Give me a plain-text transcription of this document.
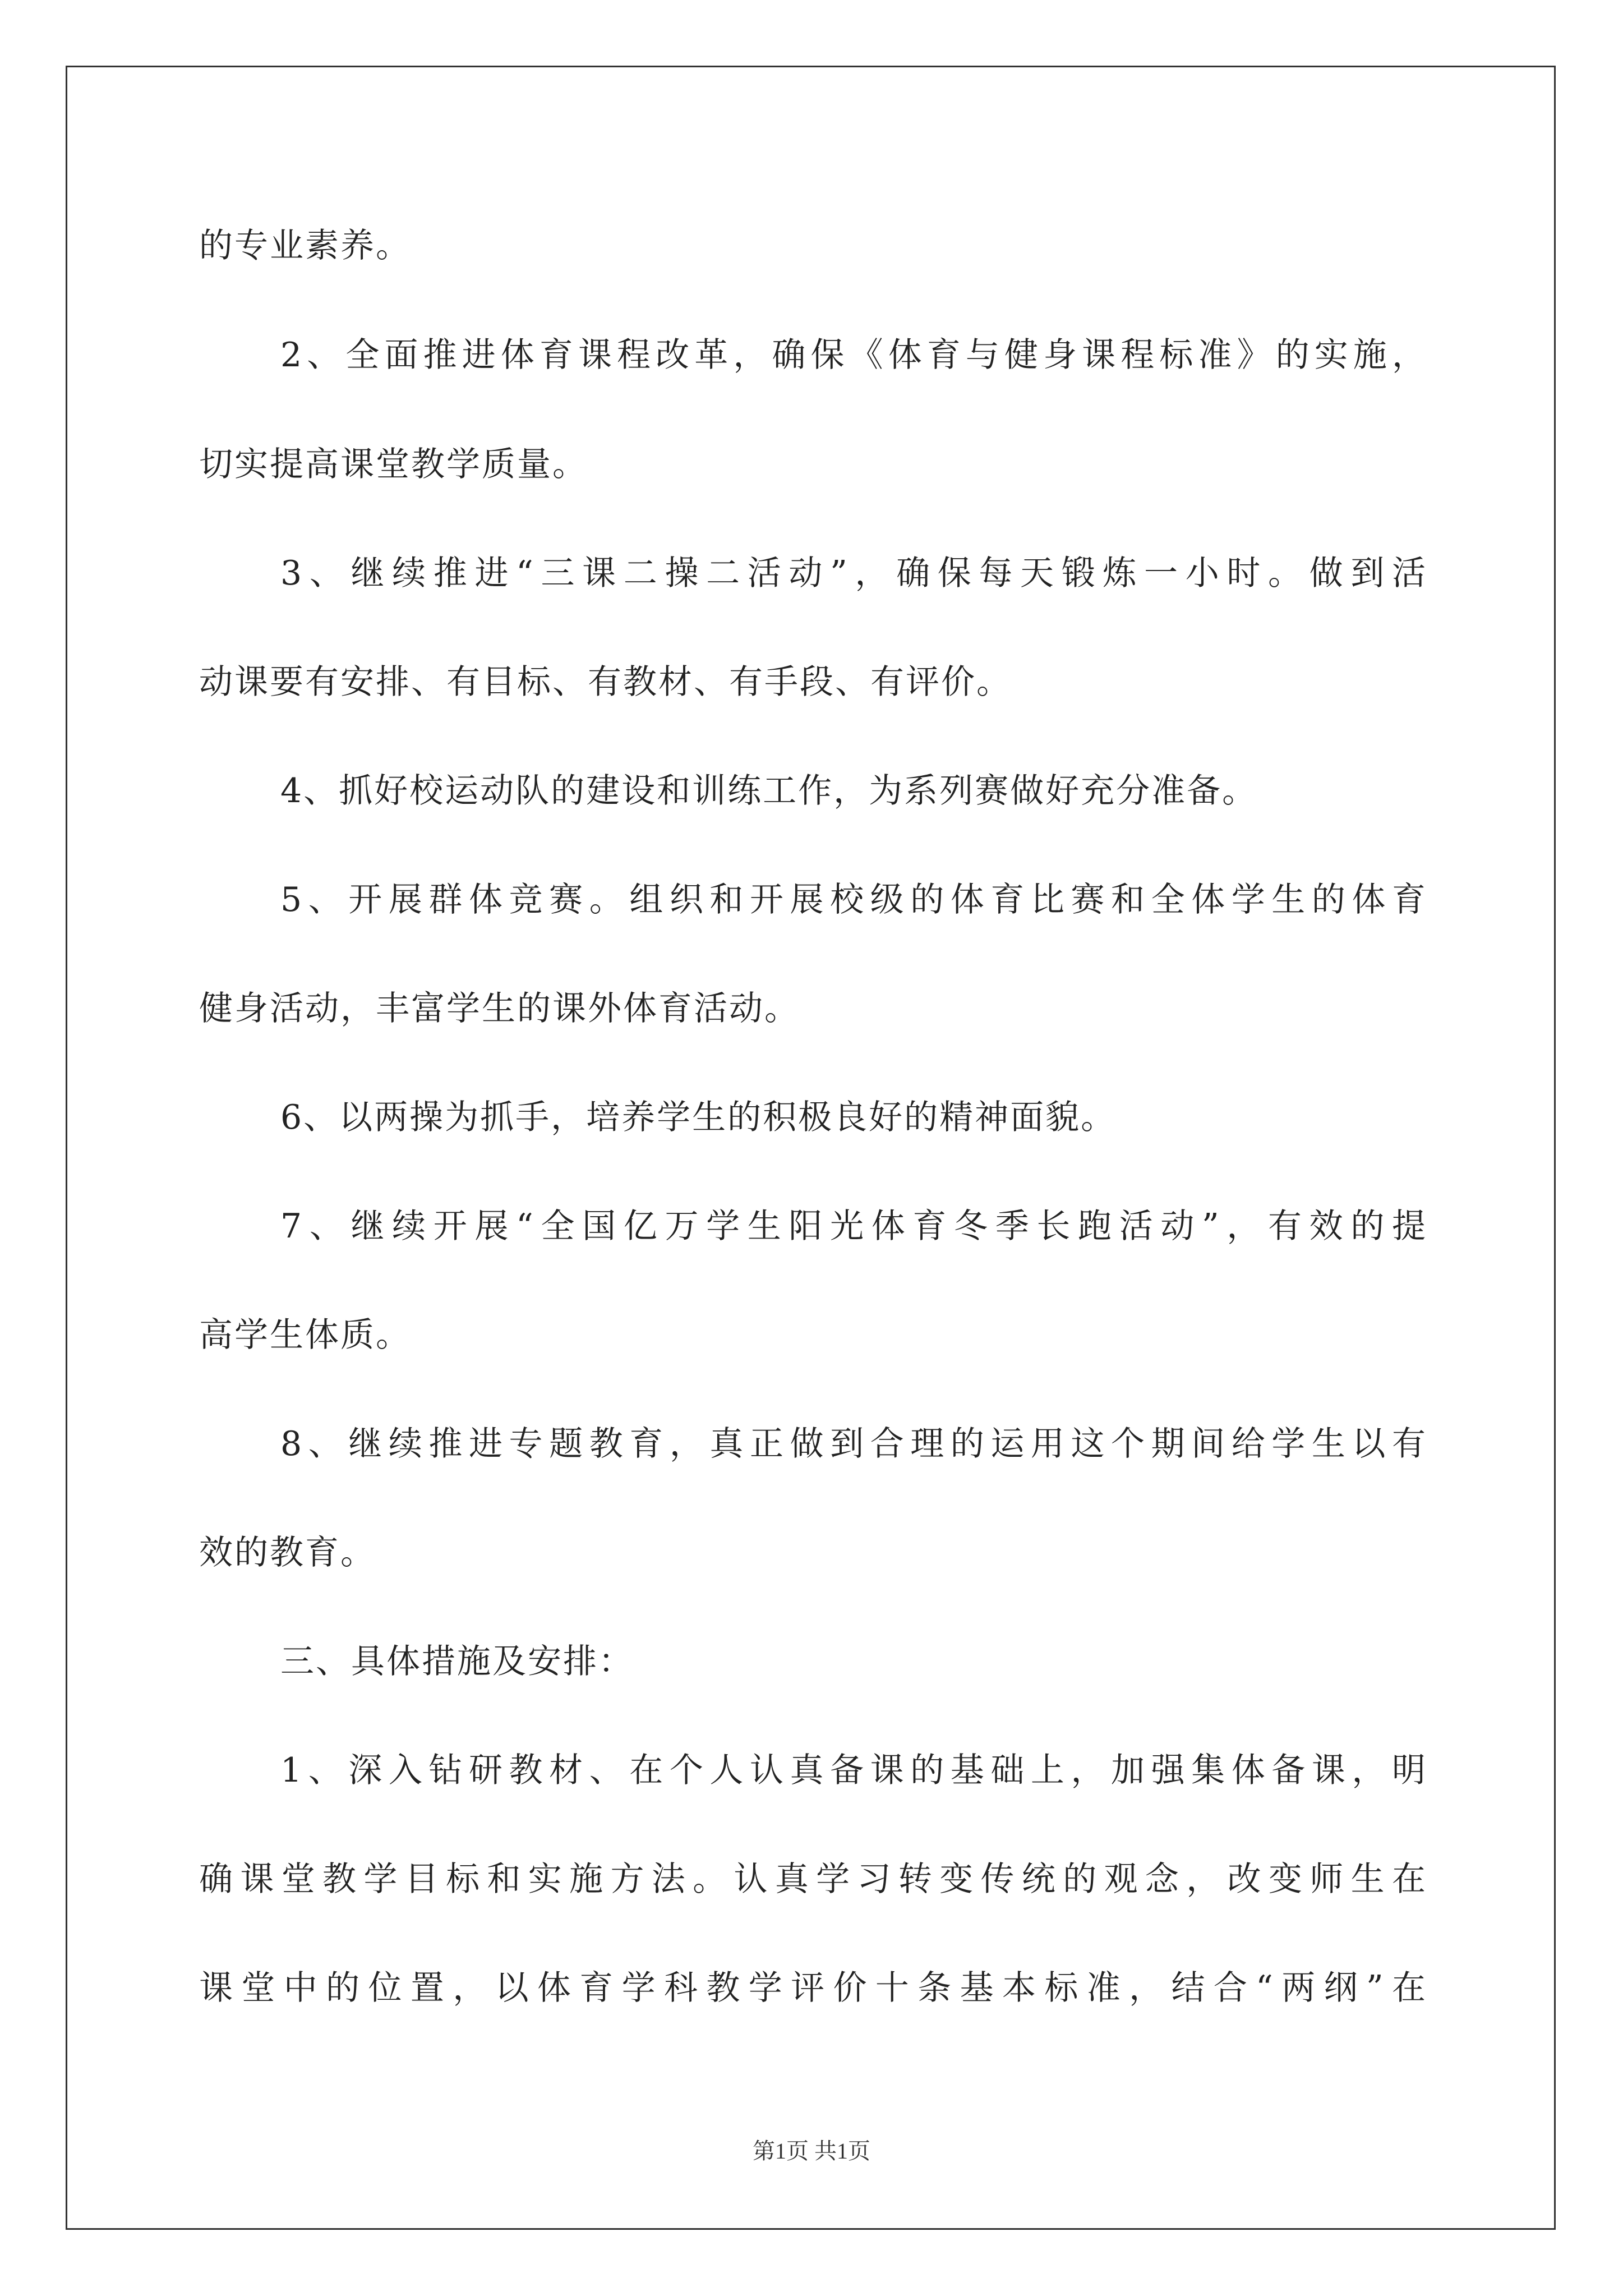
的专业素养。
2、全面推进体育课程改革，确保《体育与健身课程标准》的实施，
切实提高课堂教学质量。
3、继续推进“三课二操二活动”，确保每天锻炼一小时。做到活
动课要有安排、有目标、有教材、有手段、有评价。
4、抓好校运动队的建设和训练工作，为系列赛做好充分准备。
5、开展群体竞赛。组织和开展校级的体育比赛和全体学生的体育
健身活动，丰富学生的课外体育活动。
6、以两操为抓手，培养学生的积极良好的精神面貌。
7、继续开展“全国亿万学生阳光体育冬季长跑活动”，有效的提
高学生体质。
8、继续推进专题教育，真正做到合理的运用这个期间给学生以有
效的教育。
三、具体措施及安排：
1、深入钻研教材、在个人认真备课的基础上，加强集体备课，明
确课堂教学目标和实施方法。认真学习转变传统的观念，改变师生在
课堂中的位置，以体育学科教学评价十条基本标准，结合“两纲”在
第1页 共1页
